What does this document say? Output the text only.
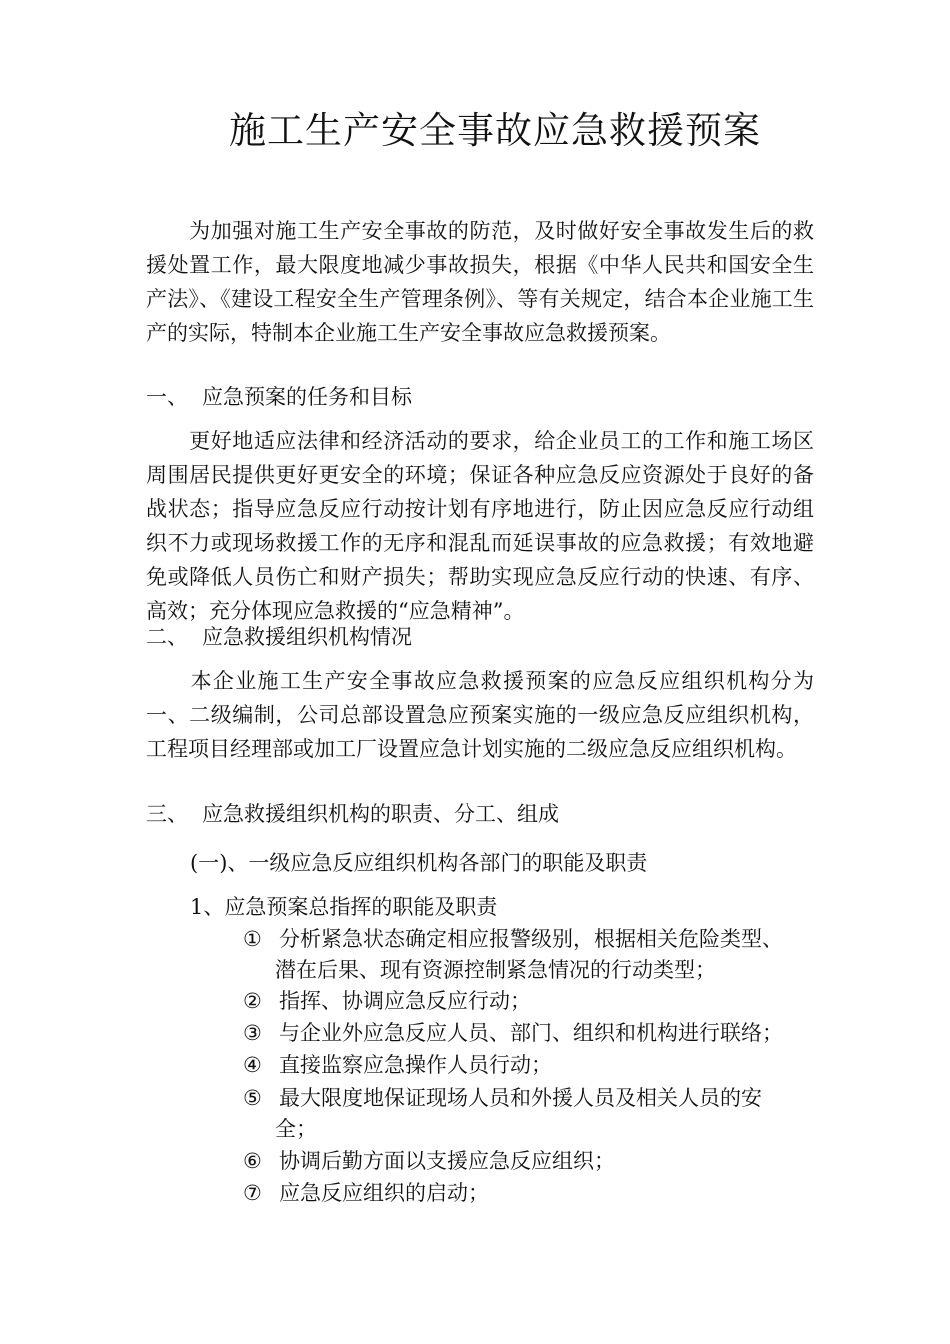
施工生产安全事故应急救援预案
　　为加强对施工生产安全事故的防范，及时做好安全事故发生后的救援处置工作，最大限度地减少事故损失，根据《中华人民共和国安全生产法》、《建设工程安全生产管理条例》、等有关规定，结合本企业施工生产的实际，特制本企业施工生产安全事故应急救援预案。
一、 应急预案的任务和目标
　　更好地适应法律和经济活动的要求，给企业员工的工作和施工场区周围居民提供更好更安全的环境；保证各种应急反应资源处于良好的备战状态；指导应急反应行动按计划有序地进行，防止因应急反应行动组织不力或现场救援工作的无序和混乱而延误事故的应急救援；有效地避免或降低人员伤亡和财产损失；帮助实现应急反应行动的快速、有序、高效；充分体现应急救援的“应急精神”。
二、 应急救援组织机构情况
　　本企业施工生产安全事故应急救援预案的应急反应组织机构分为一、二级编制，公司总部设置急应预案实施的一级应急反应组织机构，工程项目经理部或加工厂设置应急计划实施的二级应急反应组织机构。
三、 应急救援组织机构的职责、分工、组成
(一)、一级应急反应组织机构各部门的职能及职责
1、应急预案总指挥的职能及职责
① 分析紧急状态确定相应报警级别，根据相关危险类型、
潜在后果、现有资源控制紧急情况的行动类型；
② 指挥、协调应急反应行动；
③ 与企业外应急反应人员、部门、组织和机构进行联络；
④ 直接监察应急操作人员行动；
⑤ 最大限度地保证现场人员和外援人员及相关人员的安
全；
⑥ 协调后勤方面以支援应急反应组织；
⑦ 应急反应组织的启动；
